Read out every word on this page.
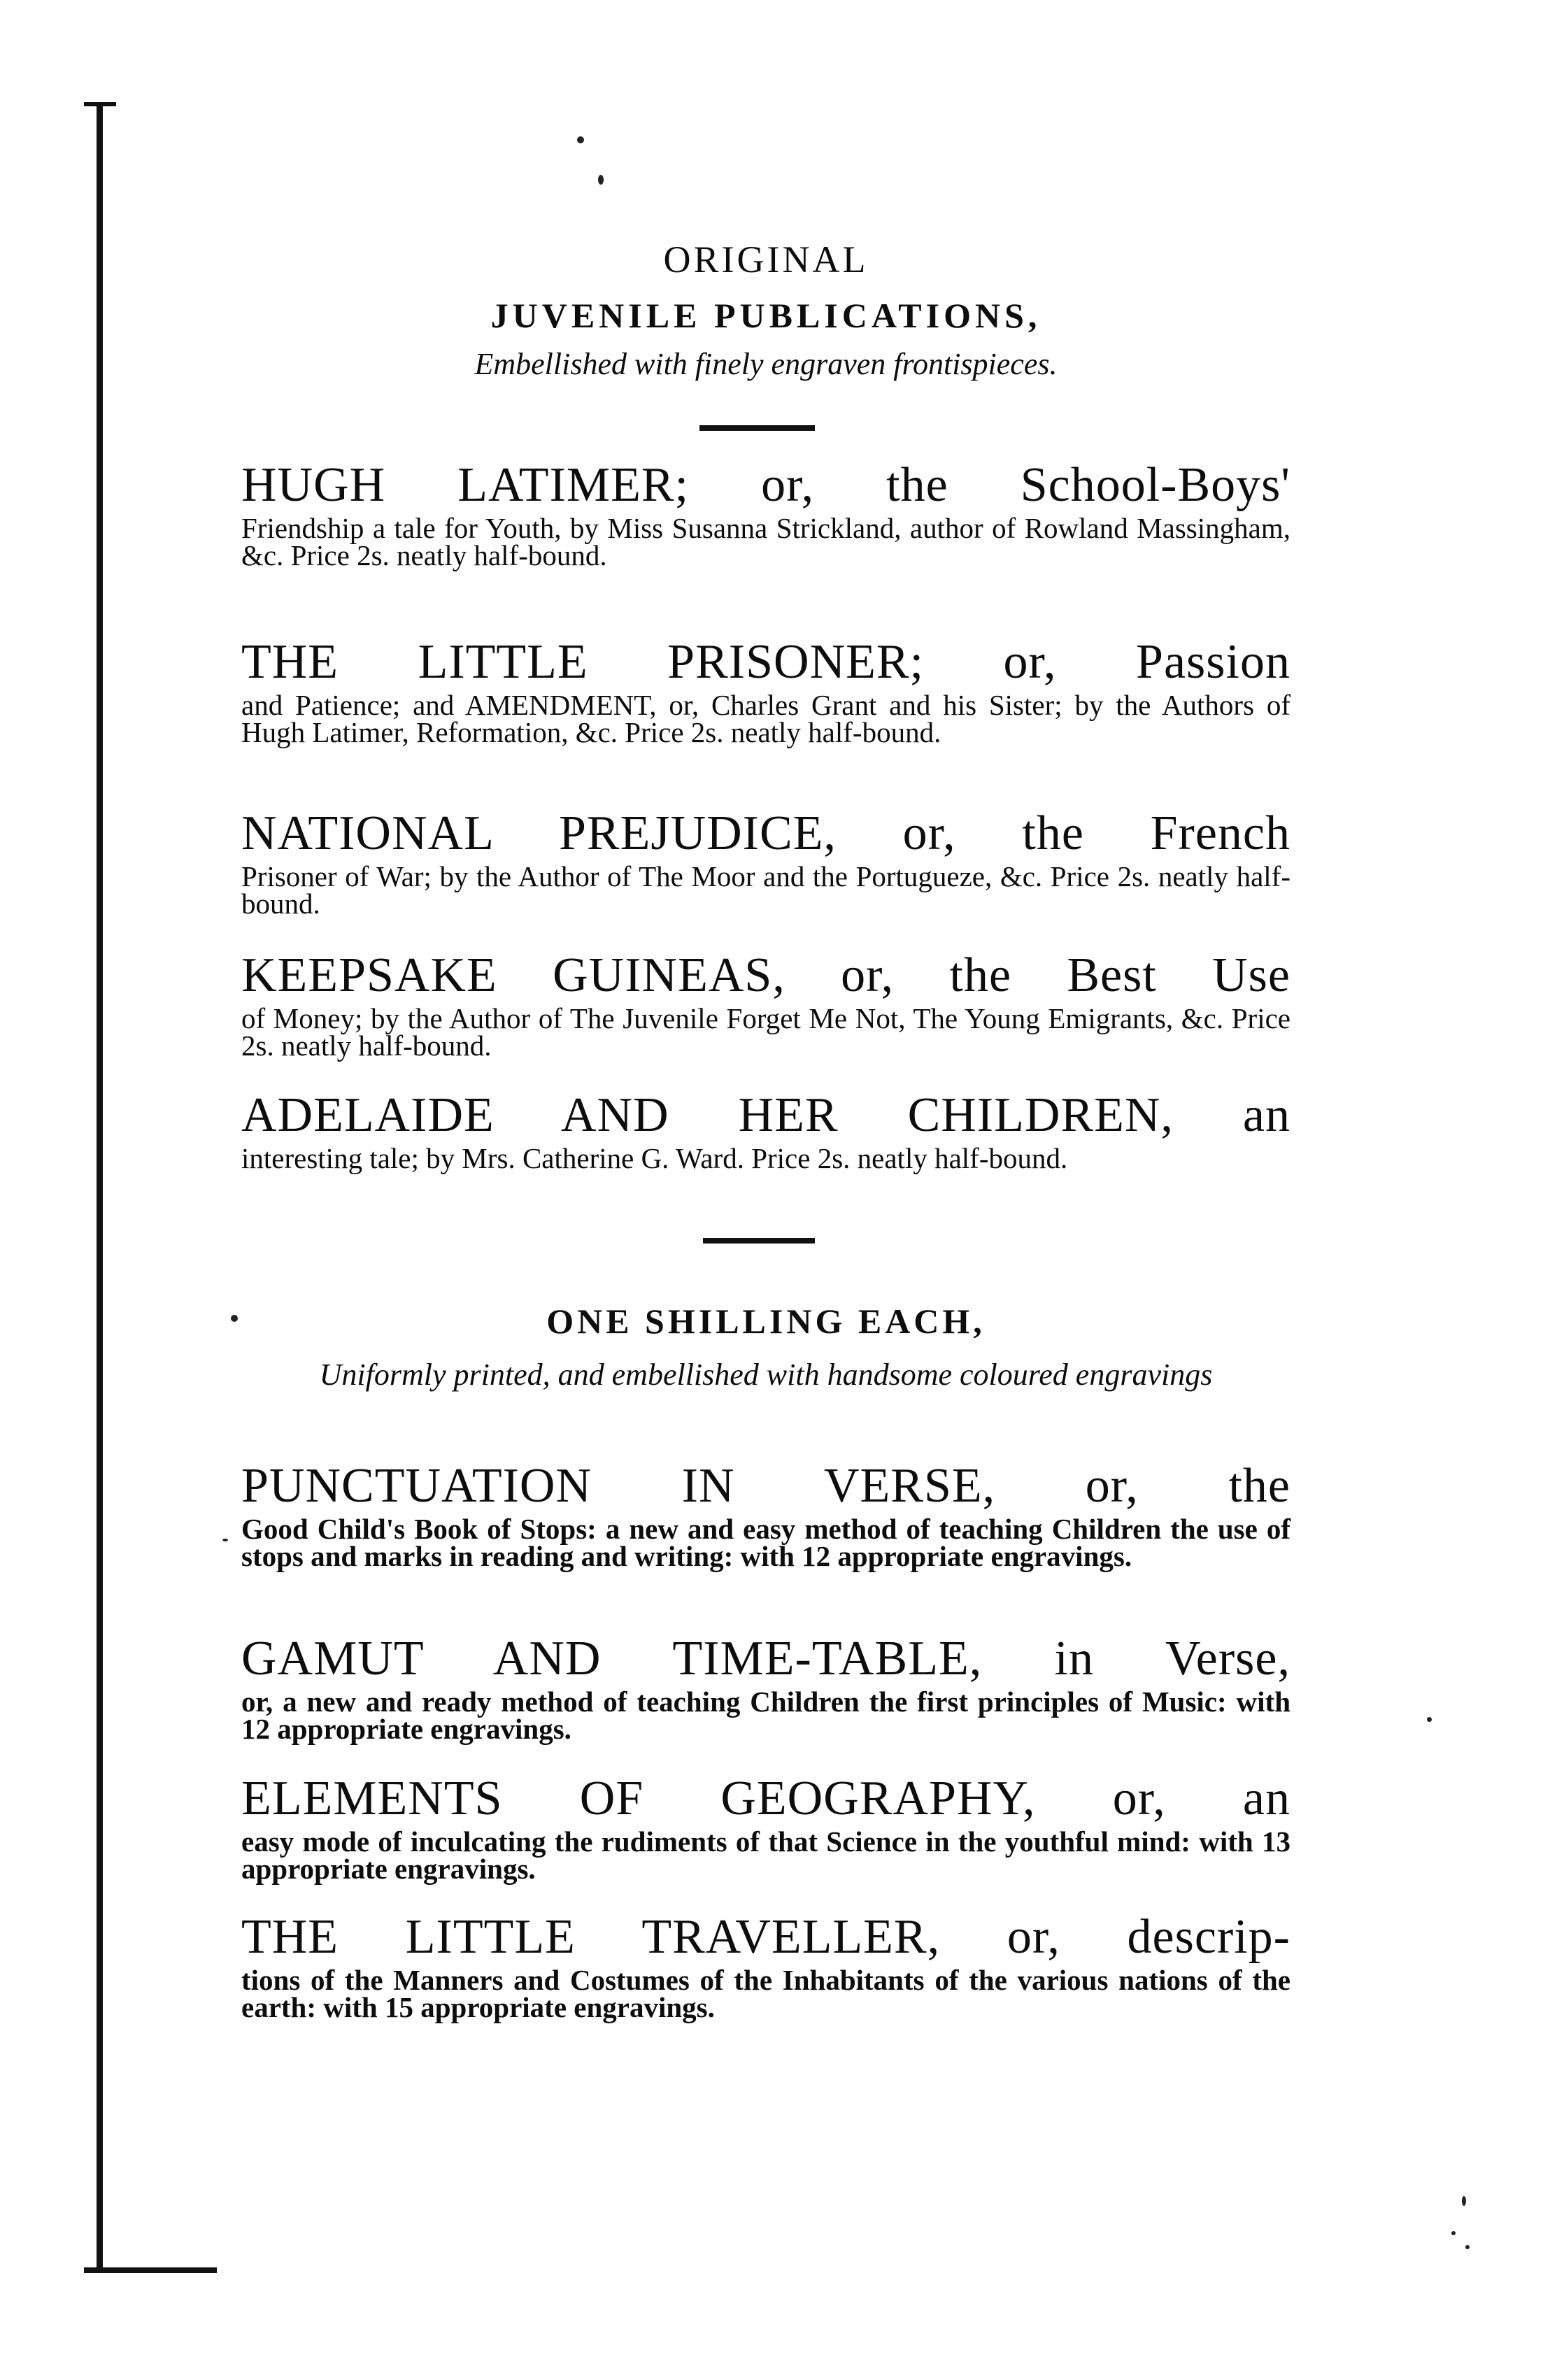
ORIGINAL
JUVENILE PUBLICATIONS,
Embellished with finely engraven frontispieces.
HUGH LATIMER; or, the School-Boys'
Friendship a tale for Youth, by Miss Susanna Strickland, author of Rowland Massingham, &c. Price 2s. neatly half-bound.
THE LITTLE PRISONER; or, Passion
and Patience; and AMENDMENT, or, Charles Grant and his Sister; by the Authors of Hugh Latimer, Reformation, &c. Price 2s. neatly half-bound.
NATIONAL PREJUDICE, or, the French
Prisoner of War; by the Author of The Moor and the Portugueze, &c. Price 2s. neatly half-bound.
KEEPSAKE GUINEAS, or, the Best Use
of Money; by the Author of The Juvenile Forget Me Not, The Young Emigrants, &c. Price 2s. neatly half-bound.
ADELAIDE AND HER CHILDREN, an
interesting tale; by Mrs. Catherine G. Ward. Price 2s. neatly half-bound.
ONE SHILLING EACH,
Uniformly printed, and embellished with handsome coloured engravings
PUNCTUATION IN VERSE, or, the
Good Child's Book of Stops: a new and easy method of teaching Children the use of stops and marks in reading and writing: with 12 appropriate engravings.
GAMUT AND TIME-TABLE, in Verse,
or, a new and ready method of teaching Children the first principles of Music: with 12 appropriate engravings.
ELEMENTS OF GEOGRAPHY, or, an
easy mode of inculcating the rudiments of that Science in the youthful mind: with 13 appropriate engravings.
THE LITTLE TRAVELLER, or, descrip-
tions of the Manners and Costumes of the Inhabitants of the various nations of the earth: with 15 appropriate engravings.
